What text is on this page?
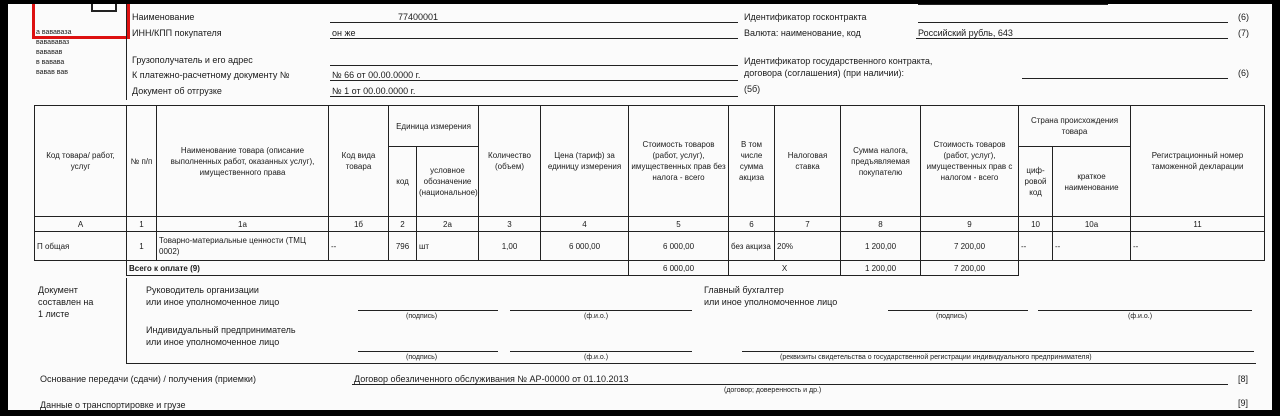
а вававаза
вавававаз
вававав
в вавава
вавав вав
Наименование	77400001
ИНН/КПП покупателя	он же
Грузополучатель и его адрес
К платежно-расчетному документу №	№ 66 от 00.00.0000 г.
Документ об отгрузке	№ 1 от 00.00.0000 г.
Идентификатор госконтракта	(6)
Валюта: наименование, код	Российский рубль, 643	(7)
Идентификатор государственного контракта,
договора (соглашения) (при наличии):	(6)
(5б)
Код товара/ работ, услуг	№ п/п	Наименование товара (описание выполненных работ, оказанных услуг), имущественного права	Код вида товара	Единица измерения		Количество (объем)	Цена (тариф) за единицу измерения	Стоимость товаров (работ, услуг), имущественных прав без налога - всего	В том числе сумма акциза	Налоговая ставка	Сумма налога, предъявляемая покупателю	Стоимость товаров (работ, услуг), имущественных прав с налогом - всего	Страна происхождения товара		Регистрационный номер таможенной декларации
				код	условное обозначение (национальное)								циф-ровой код	краткое наименование	
А	1	1а	1б	2	2а	3	4	5	6	7	8	9	10	10а	11
П общая	1	Товарно-материальные ценности (ТМЦ 0002)	--	796	шт	1,00	6 000,00	6 000,00	без акциза	20%	1 200,00	7 200,00	--	--	--
	Всего к оплате (9)							6 000,00	X		1 200,00	7 200,00			
Документ
составлен на
1 листе
Руководитель организации
или иное уполномоченное лицо
(подпись)	(ф.и.о.)
Главный бухгалтер
или иное уполномоченное лицо
(подпись)	(ф.и.о.)
Индивидуальный предприниматель
или иное уполномоченное лицо
(подпись)	(ф.и.о.)	(реквизиты свидетельства о государственной регистрации индивидуального предпринимателя)
Основание передачи (сдачи) / получения (приемки)	Договор обезличенного обслуживания № АР-00000 от 01.10.2013
(договор; доверенность и др.)
[8]
Данные о транспортировке и грузе	[9]
